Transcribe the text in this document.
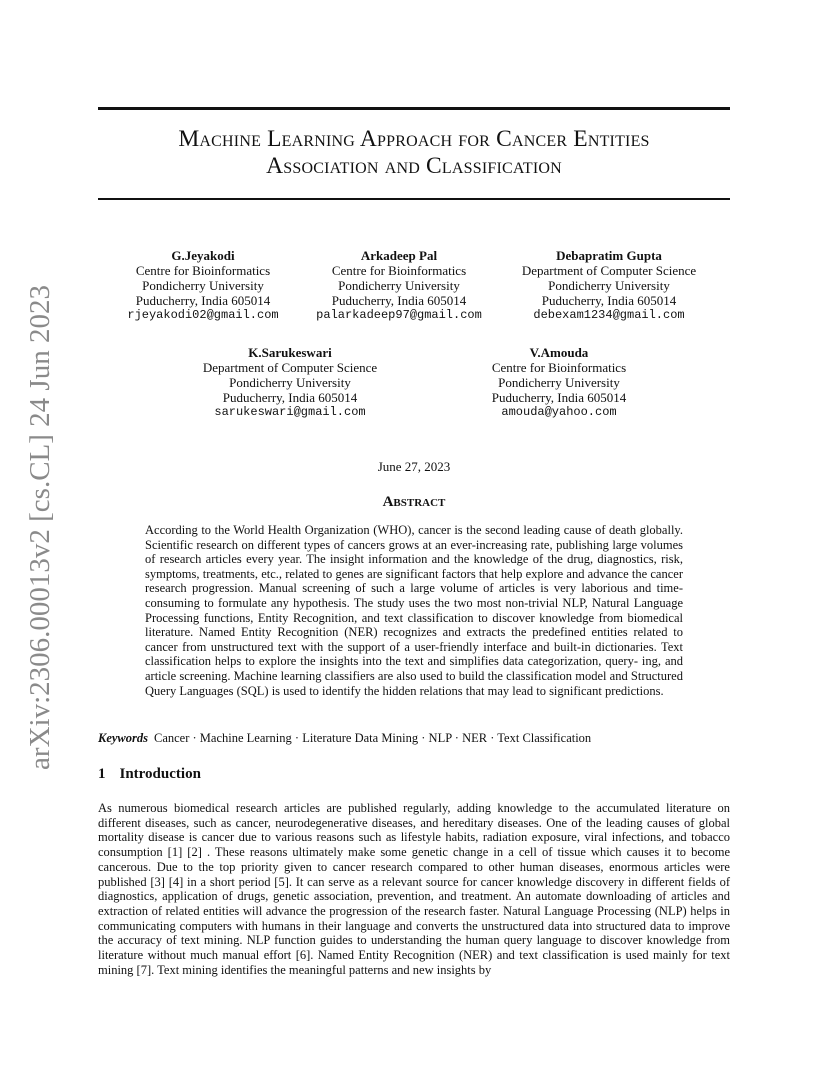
arXiv:2306.00013v2 [cs.CL] 24 Jun 2023
Machine Learning Approach for Cancer Entities
Association and Classification
G.Jeyakodi
Centre for Bioinformatics
Pondicherry University
Puducherry, India 605014
rjeyakodi02@gmail.com
Arkadeep Pal
Centre for Bioinformatics
Pondicherry University
Puducherry, India 605014
palarkadeep97@gmail.com
Debapratim Gupta
Department of Computer Science
Pondicherry University
Puducherry, India 605014
debexam1234@gmail.com
K.Sarukeswari
Department of Computer Science
Pondicherry University
Puducherry, India 605014
sarukeswari@gmail.com
V.Amouda
Centre for Bioinformatics
Pondicherry University
Puducherry, India 605014
amouda@yahoo.com
June 27, 2023
Abstract
According to the World Health Organization (WHO), cancer is the second leading cause of death globally. Scientific research on different types of cancers grows at an ever-increasing rate, publishing large volumes of research articles every year. The insight information and the knowledge of the drug, diagnostics, risk, symptoms, treatments, etc., related to genes are significant factors that help explore and advance the cancer research progression. Manual screening of such a large volume of articles is very laborious and time-consuming to formulate any hypothesis. The study uses the two most non-trivial NLP, Natural Language Processing functions, Entity Recognition, and text classification to discover knowledge from biomedical literature. Named Entity Recognition (NER) recognizes and extracts the predefined entities related to cancer from unstructured text with the support of a user-friendly interface and built-in dictionaries. Text classification helps to explore the insights into the text and simplifies data categorization, query- ing, and article screening. Machine learning classifiers are also used to build the classification model and Structured Query Languages (SQL) is used to identify the hidden relations that may lead to significant predictions.
Keywords Cancer · Machine Learning · Literature Data Mining · NLP · NER · Text Classification
1 Introduction
As numerous biomedical research articles are published regularly, adding knowledge to the accumulated literature on different diseases, such as cancer, neurodegenerative diseases, and hereditary diseases. One of the leading causes of global mortality disease is cancer due to various reasons such as lifestyle habits, radiation exposure, viral infections, and tobacco consumption [1] [2] . These reasons ultimately make some genetic change in a cell of tissue which causes it to become cancerous. Due to the top priority given to cancer research compared to other human diseases, enormous articles were published [3] [4] in a short period [5]. It can serve as a relevant source for cancer knowledge discovery in different fields of diagnostics, application of drugs, genetic association, prevention, and treatment. An automate downloading of articles and extraction of related entities will advance the progression of the research faster. Natural Language Processing (NLP) helps in communicating computers with humans in their language and converts the unstructured data into structured data to improve the accuracy of text mining. NLP function guides to understanding the human query language to discover knowledge from literature without much manual effort [6]. Named Entity Recognition (NER) and text classification is used mainly for text mining [7]. Text mining identifies the meaningful patterns and new insights by
